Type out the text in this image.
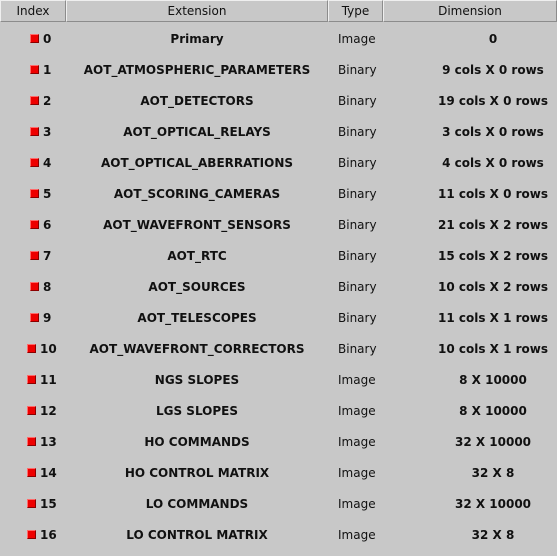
Index	Extension	Type	Dimension
0	Primary	Image	0
1	AOT_ATMOSPHERIC_PARAMETERS	Binary	9 cols X 0 rows
2	AOT_DETECTORS	Binary	19 cols X 0 rows
3	AOT_OPTICAL_RELAYS	Binary	3 cols X 0 rows
4	AOT_OPTICAL_ABERRATIONS	Binary	4 cols X 0 rows
5	AOT_SCORING_CAMERAS	Binary	11 cols X 0 rows
6	AOT_WAVEFRONT_SENSORS	Binary	21 cols X 2 rows
7	AOT_RTC	Binary	15 cols X 2 rows
8	AOT_SOURCES	Binary	10 cols X 2 rows
9	AOT_TELESCOPES	Binary	11 cols X 1 rows
10	AOT_WAVEFRONT_CORRECTORS	Binary	10 cols X 1 rows
11	NGS SLOPES	Image	8 X 10000
12	LGS SLOPES	Image	8 X 10000
13	HO COMMANDS	Image	32 X 10000
14	HO CONTROL MATRIX	Image	32 X 8
15	LO COMMANDS	Image	32 X 10000
16	LO CONTROL MATRIX	Image	32 X 8
